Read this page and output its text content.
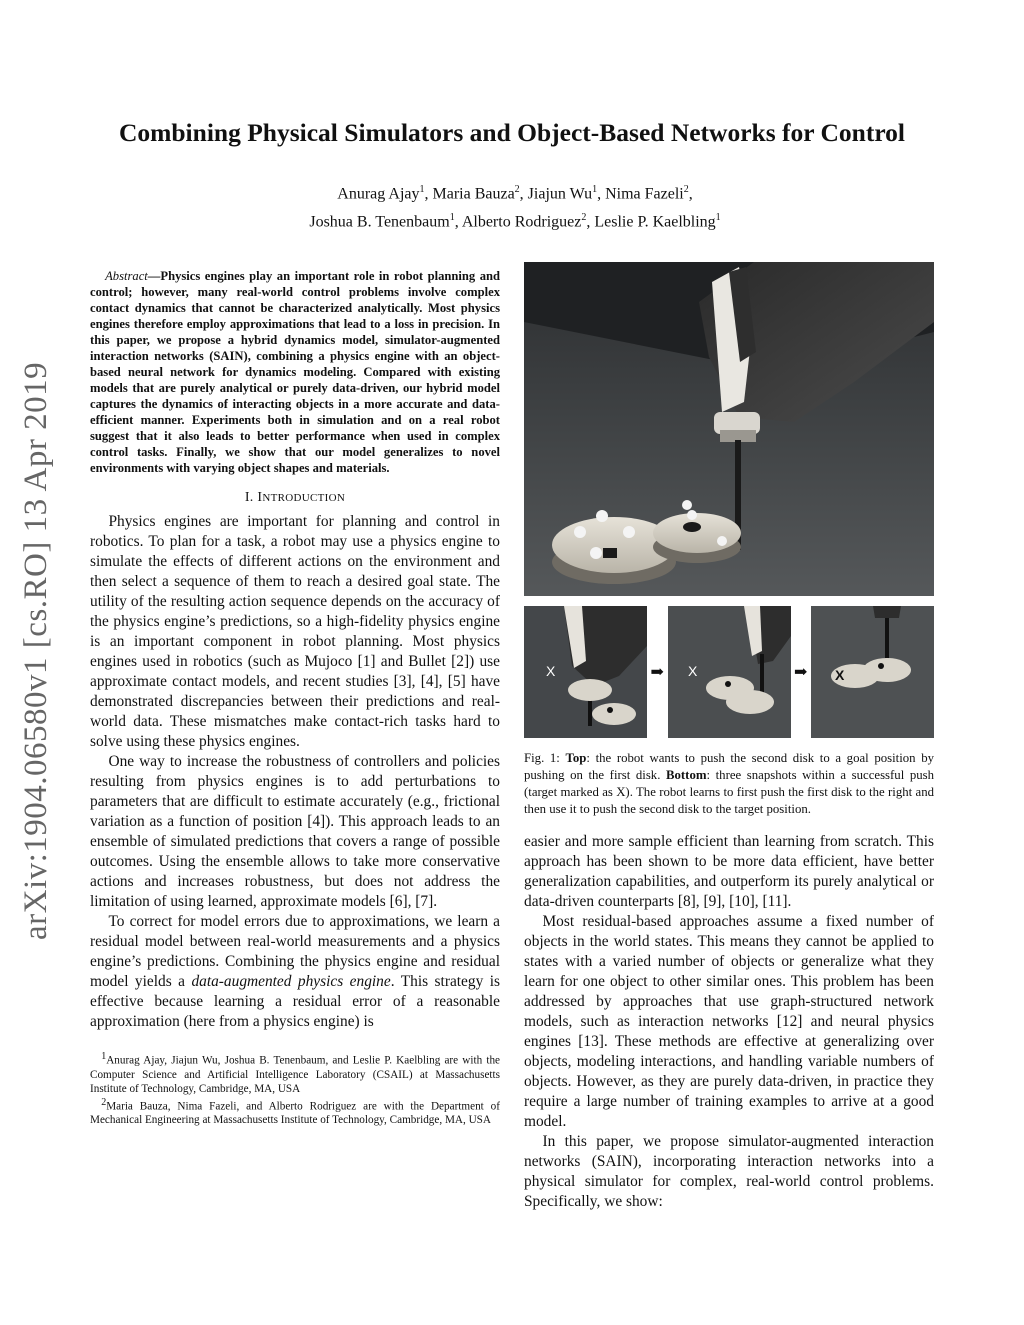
arXiv:1904.06580v1 [cs.RO] 13 Apr 2019
Combining Physical Simulators and Object-Based Networks for Control
Anurag Ajay$^1$, Maria Bauza$^2$, Jiajun Wu$^1$, Nima Fazeli$^2$,
Joshua B. Tenenbaum$^1$, Alberto Rodriguez$^2$, Leslie P. Kaelbling$^1$

Abstract—Physics engines play an important role in robot planning and control; however, many real-world control problems involve complex contact dynamics that cannot be characterized analytically. Most physics engines therefore employ approximations that lead to a loss in precision. In this paper, we propose a hybrid dynamics model, simulator-augmented interaction networks (SAIN), combining a physics engine with an object-based neural network for dynamics modeling. Compared with existing models that are purely analytical or purely data-driven, our hybrid model captures the dynamics of interacting objects in a more accurate and data-efficient manner. Experiments both in simulation and on a real robot suggest that it also leads to better performance when used in complex control tasks. Finally, we show that our model generalizes to novel environments with varying object shapes and materials.

I. INTRODUCTION

Physics engines are important for planning and control in robotics. To plan for a task, a robot may use a physics engine to simulate the effects of different actions on the environment and then select a sequence of them to reach a desired goal state. The utility of the resulting action sequence depends on the accuracy of the physics engine’s predictions, so a high-fidelity physics engine is an important component in robot planning. Most physics engines used in robotics (such as Mujoco [1] and Bullet [2]) use approximate contact models, and recent studies [3], [4], [5] have demonstrated discrepancies between their predictions and real-world data. These mismatches make contact-rich tasks hard to solve using these physics engines.

One way to increase the robustness of controllers and policies resulting from physics engines is to add perturbations to parameters that are difficult to estimate accurately (e.g., frictional variation as a function of position [4]). This approach leads to an ensemble of simulated predictions that covers a range of possible outcomes. Using the ensemble allows to take more conservative actions and increases robustness, but does not address the limitation of using learned, approximate models [6], [7].

To correct for model errors due to approximations, we learn a residual model between real-world measurements and a physics engine’s predictions. Combining the physics engine and residual model yields a data-augmented physics engine. This strategy is effective because learning a residual error of a reasonable approximation (here from a physics engine) is

$^1$Anurag Ajay, Jiajun Wu, Joshua B. Tenenbaum, and Leslie P. Kaelbling are with the Computer Science and Artificial Intelligence Laboratory (CSAIL) at Massachusetts Institute of Technology, Cambridge, MA, USA

$^2$Maria Bauza, Nima Fazeli, and Alberto Rodriguez are with the Department of Mechanical Engineering at Massachusetts Institute of Technology, Cambridge, MA, USA

X	➡ X	➡ X
Fig. 1: Top: the robot wants to push the second disk to a goal position by pushing on the first disk. Bottom: three snapshots within a successful push (target marked as X). The robot learns to first push the first disk to the right and then use it to push the second disk to the target position.

easier and more sample efficient than learning from scratch. This approach has been shown to be more data efficient, have better generalization capabilities, and outperform its purely analytical or data-driven counterparts [8], [9], [10], [11].

Most residual-based approaches assume a fixed number of objects in the world states. This means they cannot be applied to states with a varied number of objects or generalize what they learn for one object to other similar ones. This problem has been addressed by approaches that use graph-structured network models, such as interaction networks [12] and neural physics engines [13]. These methods are effective at generalizing over objects, modeling interactions, and handling variable numbers of objects. However, as they are purely data-driven, in practice they require a large number of training examples to arrive at a good model.

In this paper, we propose simulator-augmented interaction networks (SAIN), incorporating interaction networks into a physical simulator for complex, real-world control problems. Specifically, we show:
